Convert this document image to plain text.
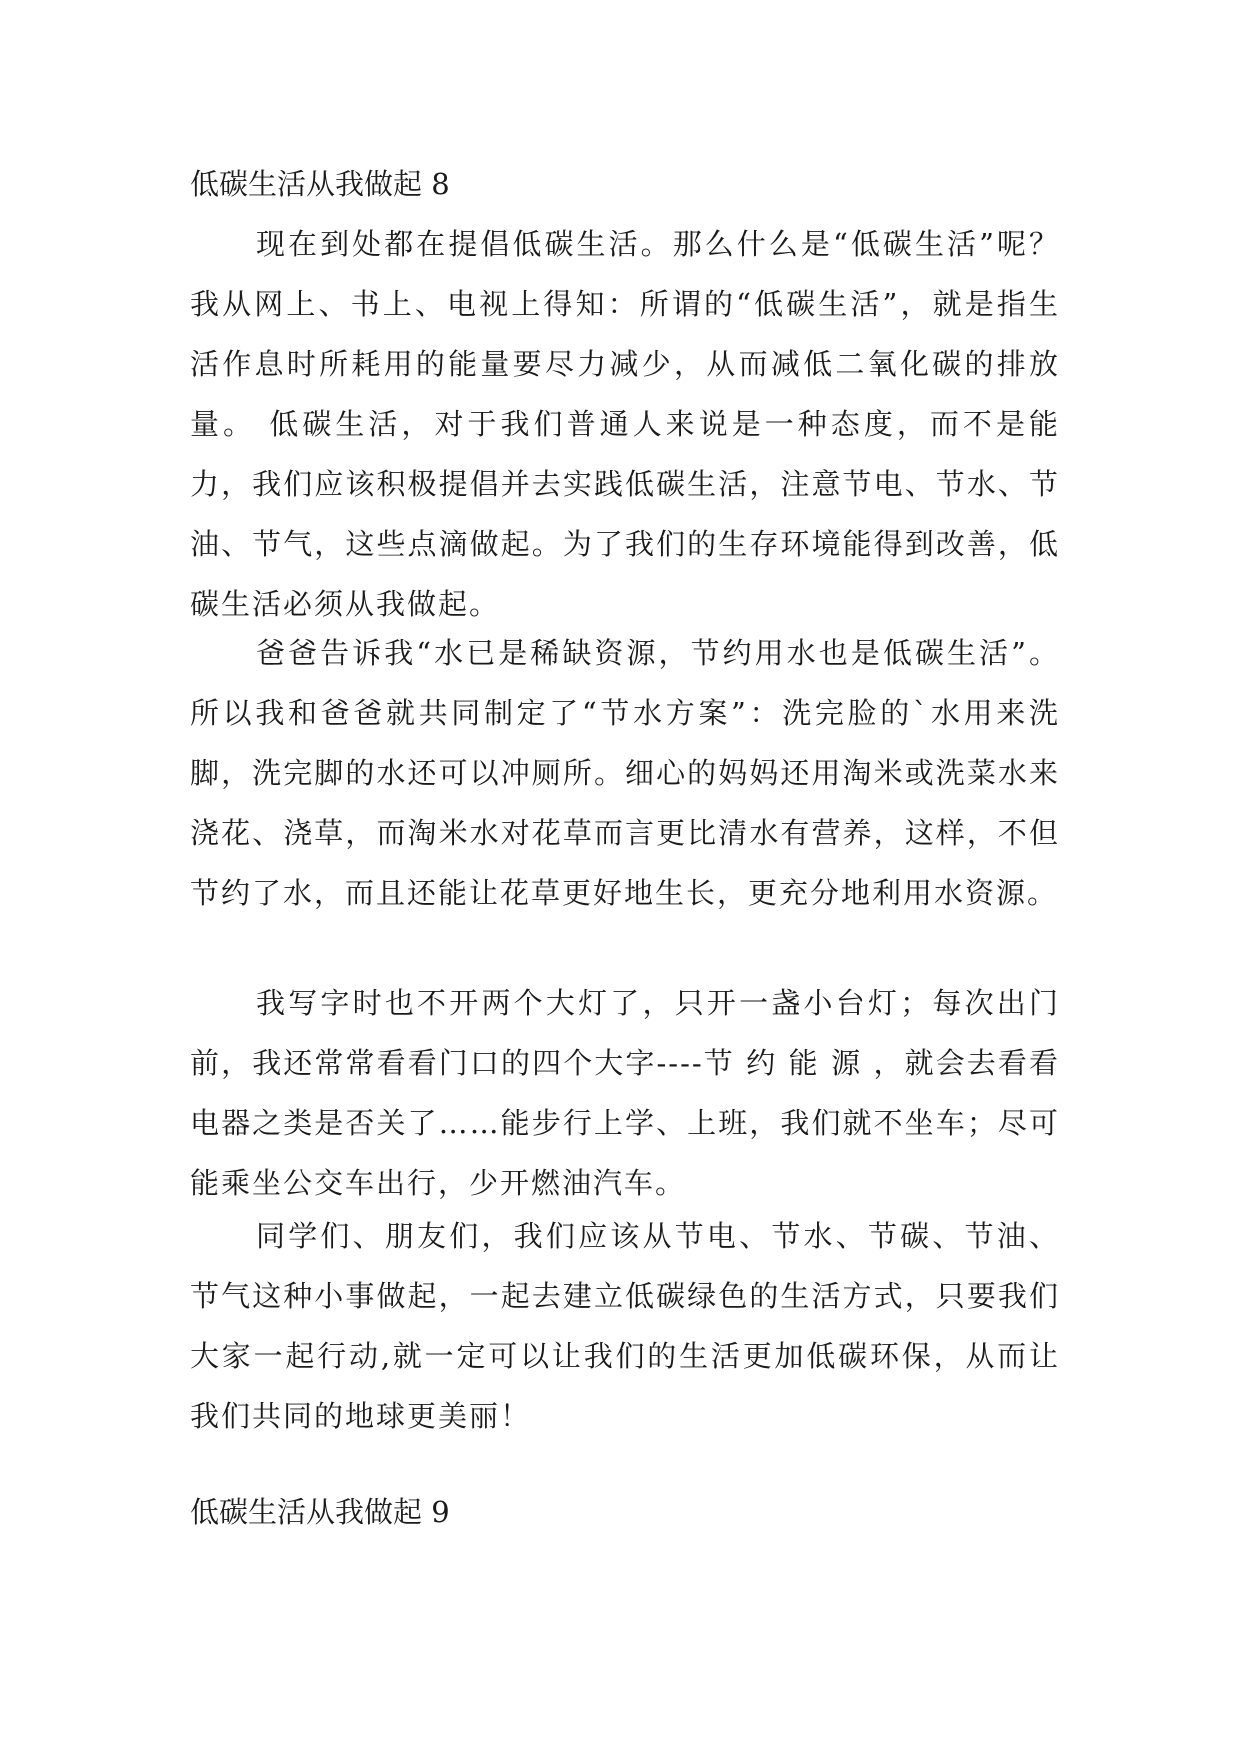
低碳生活从我做起 8

现在到处都在提倡低碳生活。那么什么是“低碳生活”呢？我从网上、书上、电视上得知：所谓的“低碳生活”，就是指生活作息时所耗用的能量要尽力减少，从而减低二氧化碳的排放量。 低碳生活，对于我们普通人来说是一种态度，而不是能力，我们应该积极提倡并去实践低碳生活，注意节电、节水、节油、节气，这些点滴做起。为了我们的生存环境能得到改善，低碳生活必须从我做起。

爸爸告诉我“水已是稀缺资源，节约用水也是低碳生活”。所以我和爸爸就共同制定了“节水方案”：洗完脸的`水用来洗脚，洗完脚的水还可以冲厕所。细心的妈妈还用淘米或洗菜水来浇花、浇草，而淘米水对花草而言更比清水有营养，这样，不但节约了水，而且还能让花草更好地生长，更充分地利用水资源。

我写字时也不开两个大灯了，只开一盏小台灯；每次出门前，我还常常看看门口的四个大字----节 约 能 源 ，就会去看看电器之类是否关了……能步行上学、上班，我们就不坐车；尽可能乘坐公交车出行，少开燃油汽车。

同学们、朋友们，我们应该从节电、节水、节碳、节油、节气这种小事做起，一起去建立低碳绿色的生活方式，只要我们大家一起行动,就一定可以让我们的生活更加低碳环保，从而让我们共同的地球更美丽！

低碳生活从我做起 9
